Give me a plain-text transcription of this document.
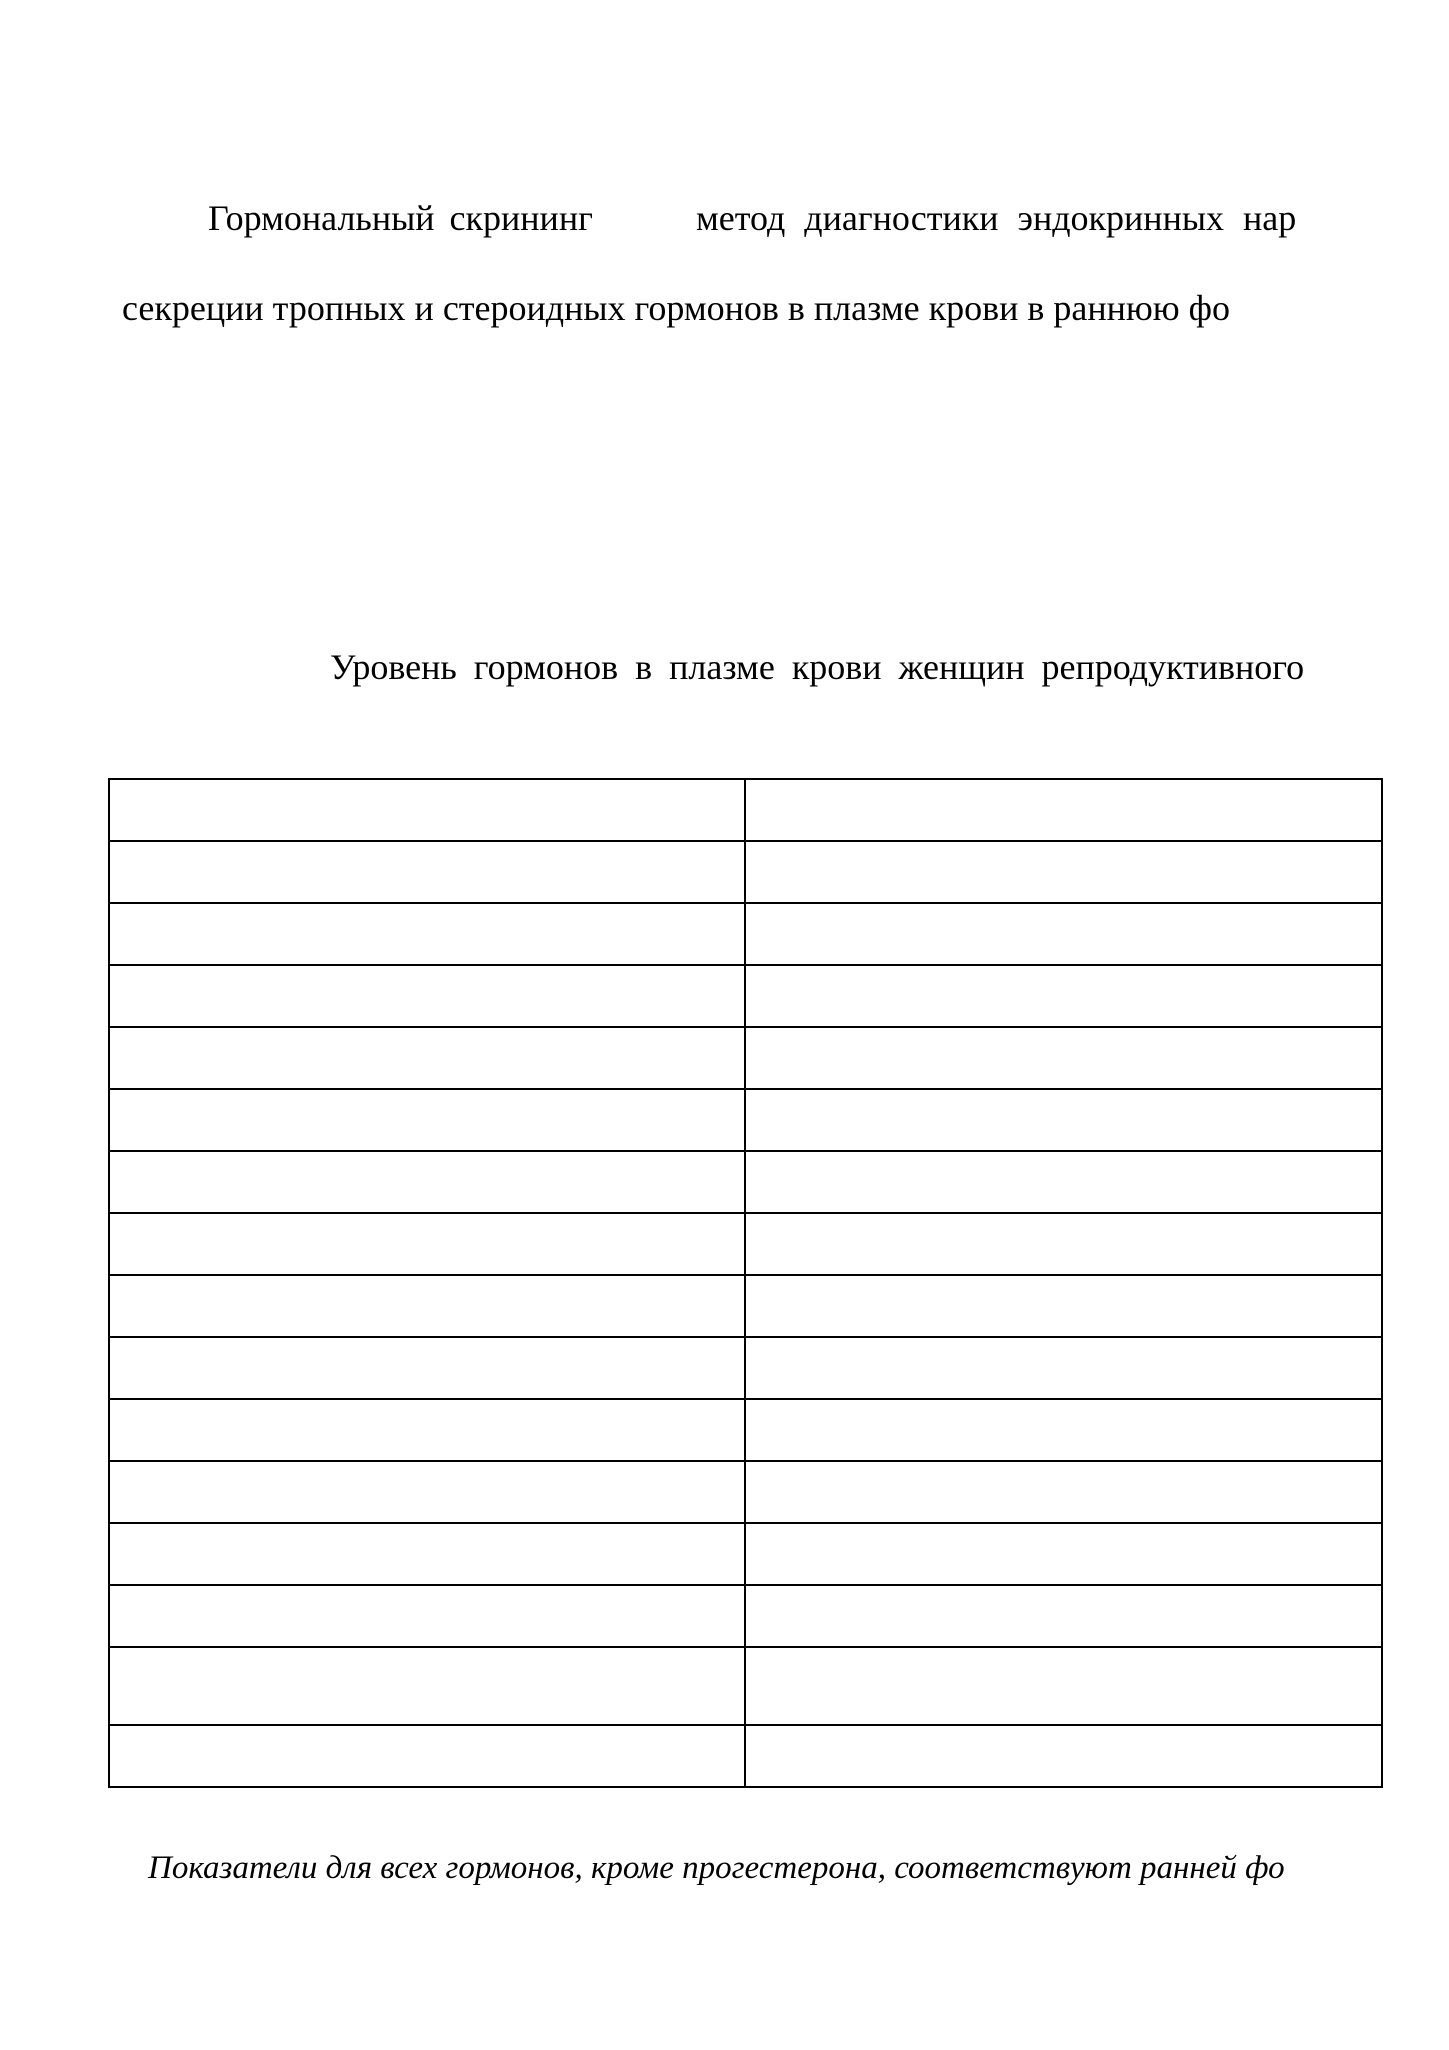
Гормональный скрининг	метод диагностики эндокринных нар
секреции тропных и стероидных гормонов в плазме крови в раннюю фо
Уровень гормонов в плазме крови женщин репродуктивного

Показатели для всех гормонов, кроме прогестерона, соответствуют ранней фо
